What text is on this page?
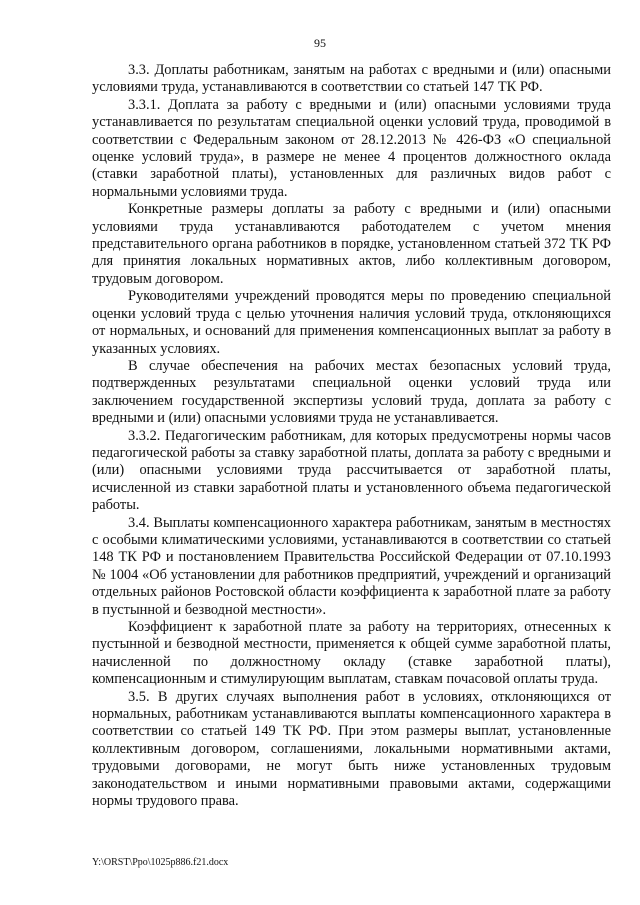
95

3.3. Доплаты работникам, занятым на работах с вредными и (или) опасными условиями труда, устанавливаются в соответствии со статьей 147 ТК РФ.

3.3.1. Доплата за работу с вредными и (или) опасными условиями труда устанавливается по результатам специальной оценки условий труда, проводимой в соответствии с Федеральным законом от 28.12.2013 № 426-ФЗ «О специальной оценке условий труда», в размере не менее 4 процентов должностного оклада (ставки заработной платы), установленных для различных видов работ с нормальными условиями труда.

Конкретные размеры доплаты за работу с вредными и (или) опасными условиями труда устанавливаются работодателем с учетом мнения представительного органа работников в порядке, установленном статьей 372 ТК РФ для принятия локальных нормативных актов, либо коллективным договором, трудовым договором.

Руководителями учреждений проводятся меры по проведению специальной оценки условий труда с целью уточнения наличия условий труда, отклоняющихся от нормальных, и оснований для применения компенсационных выплат за работу в указанных условиях.

В случае обеспечения на рабочих местах безопасных условий труда, подтвержденных результатами специальной оценки условий труда или заключением государственной экспертизы условий труда, доплата за работу с вредными и (или) опасными условиями труда не устанавливается.

3.3.2. Педагогическим работникам, для которых предусмотрены нормы часов педагогической работы за ставку заработной платы, доплата за работу с вредными и (или) опасными условиями труда рассчитывается от заработной платы, исчисленной из ставки заработной платы и установленного объема педагогической работы.

3.4. Выплаты компенсационного характера работникам, занятым в местностях с особыми климатическими условиями, устанавливаются в соответствии со статьей 148 ТК РФ и постановлением Правительства Российской Федерации от 07.10.1993 № 1004 «Об установлении для работников предприятий, учреждений и организаций отдельных районов Ростовской области коэффициента к заработной плате за работу в пустынной и безводной местности».

Коэффициент к заработной плате за работу на территориях, отнесенных к пустынной и безводной местности, применяется к общей сумме заработной платы, начисленной по должностному окладу (ставке заработной платы), компенсационным и стимулирующим выплатам, ставкам почасовой оплаты труда.

3.5. В других случаях выполнения работ в условиях, отклоняющихся от нормальных, работникам устанавливаются выплаты компенсационного характера в соответствии со статьей 149 ТК РФ. При этом размеры выплат, установленные коллективным договором, соглашениями, локальными нормативными актами, трудовыми договорами, не могут быть ниже установленных трудовым законодательством и иными нормативными правовыми актами, содержащими нормы трудового права.

Y:\ORST\Ppo\1025p886.f21.docx
